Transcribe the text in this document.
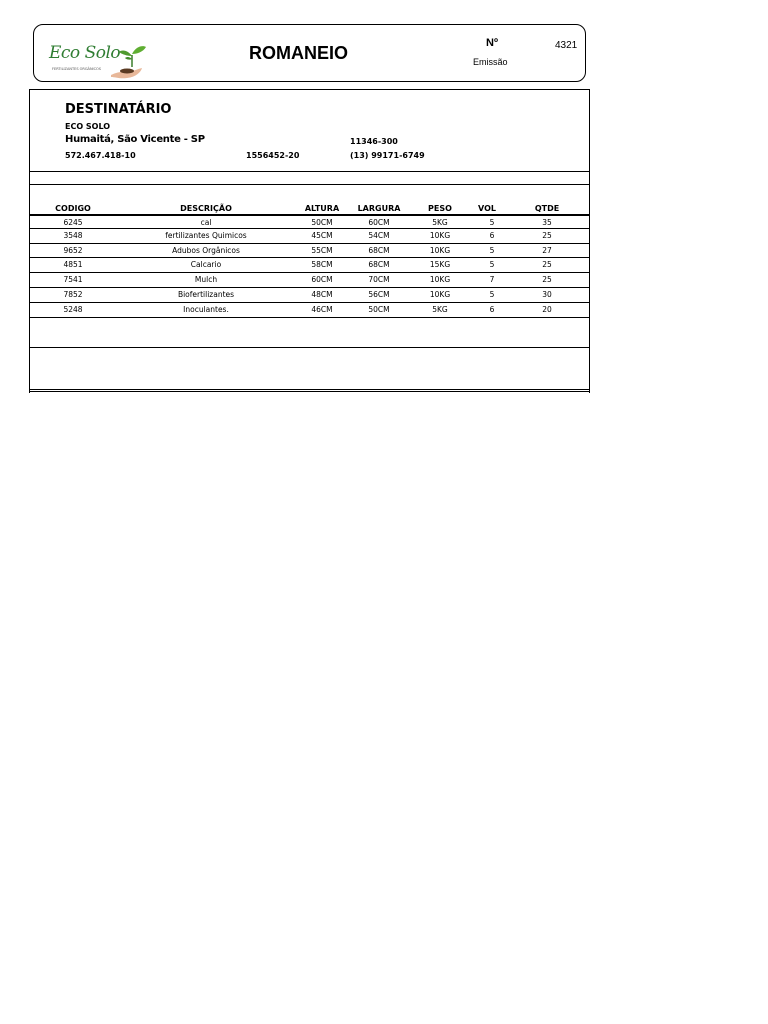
Eco Solo
FERTILIZANTES ORGÂNICOS
ROMANEIO	Nº	4321
Emissão
DESTINATÁRIO
ECO SOLO
Humaitá, São Vicente - SP	11346-300
572.467.418-10	1556452-20	(13) 99171-6749
CODIGO	DESCRIÇÃO	ALTURA LARGURA	PESO	VOL	QTDE
6245	cal	50CM	60CM	5KG	5	35
3548	fertilizantes Quimicos	45CM	54CM	10KG	6	25
9652	Adubos Orgânicos	55CM	68CM	10KG	5	27
4851	Calcario	58CM	68CM	15KG	5	25
7541	Mulch	60CM	70CM	10KG	7	25
7852	Biofertilizantes	48CM	56CM	10KG	5	30
5248	Inoculantes.	46CM	50CM	5KG	6	20
